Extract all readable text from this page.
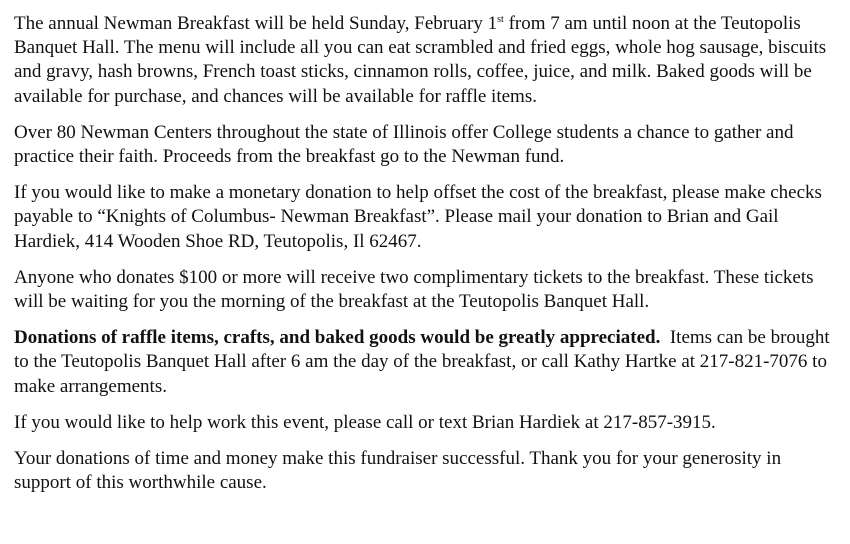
The annual Newman Breakfast will be held Sunday, February 1st from 7 am until noon at the Teutopolis Banquet Hall. The menu will include all you can eat scrambled and fried eggs, whole hog sausage, biscuits and gravy, hash browns, French toast sticks, cinnamon rolls, coffee, juice, and milk. Baked goods will be available for purchase, and chances will be available for raffle items.

Over 80 Newman Centers throughout the state of Illinois offer College students a chance to gather and practice their faith. Proceeds from the breakfast go to the Newman fund.

If you would like to make a monetary donation to help offset the cost of the breakfast, please make checks payable to “Knights of Columbus- Newman Breakfast”. Please mail your donation to Brian and Gail Hardiek, 414 Wooden Shoe RD, Teutopolis, Il 62467.

Anyone who donates $100 or more will receive two complimentary tickets to the breakfast. These tickets will be waiting for you the morning of the breakfast at the Teutopolis Banquet Hall.

Donations of raffle items, crafts, and baked goods would be greatly appreciated.  Items can be brought to the Teutopolis Banquet Hall after 6 am the day of the breakfast, or call Kathy Hartke at 217-821-7076 to make arrangements.

If you would like to help work this event, please call or text Brian Hardiek at 217-857-3915.

Your donations of time and money make this fundraiser successful. Thank you for your generosity in support of this worthwhile cause.
